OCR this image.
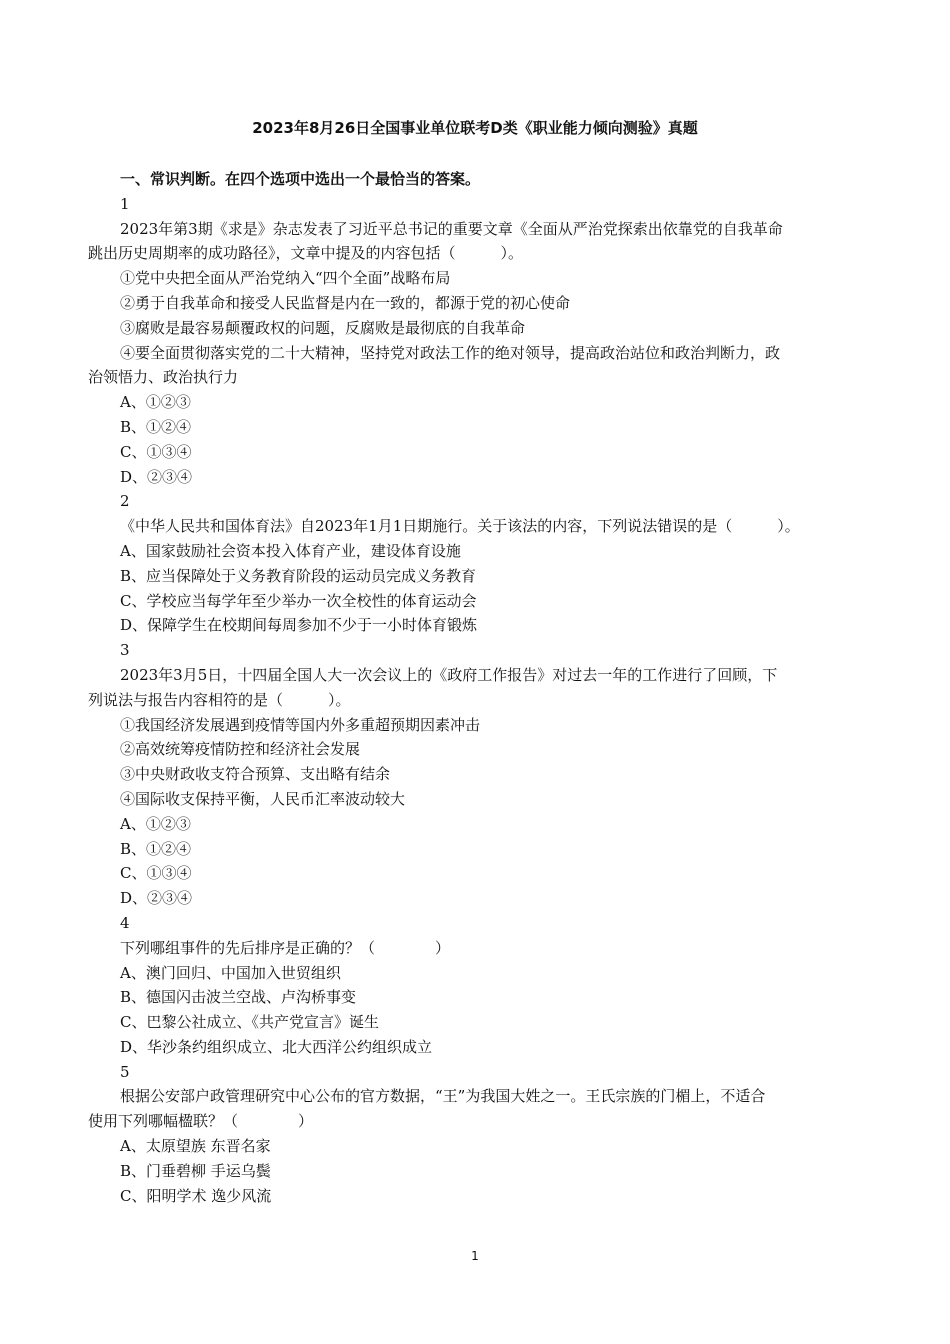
2023年8月26日全国事业单位联考D类《职业能力倾向测验》真题
一、常识判断。在四个选项中选出一个最恰当的答案。
1
2023年第3期《求是》杂志发表了习近平总书记的重要文章《全面从严治党探索出依靠党的自我革命
跳出历史周期率的成功路径》，文章中提及的内容包括（　　　）。
①党中央把全面从严治党纳入“四个全面”战略布局
②勇于自我革命和接受人民监督是内在一致的，都源于党的初心使命
③腐败是最容易颠覆政权的问题，反腐败是最彻底的自我革命
④要全面贯彻落实党的二十大精神，坚持党对政法工作的绝对领导，提高政治站位和政治判断力，政
治领悟力、政治执行力
A、①②③
B、①②④
C、①③④
D、②③④
2
《中华人民共和国体育法》自2023年1月1日期施行。关于该法的内容，下列说法错误的是（　　　）。
A、国家鼓励社会资本投入体育产业，建设体育设施
B、应当保障处于义务教育阶段的运动员完成义务教育
C、学校应当每学年至少举办一次全校性的体育运动会
D、保障学生在校期间每周参加不少于一小时体育锻炼
3
2023年3月5日，十四届全国人大一次会议上的《政府工作报告》对过去一年的工作进行了回顾，下
列说法与报告内容相符的是（　　　）。
①我国经济发展遇到疫情等国内外多重超预期因素冲击
②高效统筹疫情防控和经济社会发展
③中央财政收支符合预算、支出略有结余
④国际收支保持平衡，人民币汇率波动较大
A、①②③
B、①②④
C、①③④
D、②③④
4
下列哪组事件的先后排序是正确的？（　　　　）
A、澳门回归、中国加入世贸组织
B、德国闪击波兰空战、卢沟桥事变
C、巴黎公社成立、《共产党宣言》诞生
D、华沙条约组织成立、北大西洋公约组织成立
5
根据公安部户政管理研究中心公布的官方数据，“王”为我国大姓之一。王氏宗族的门楣上，不适合
使用下列哪幅楹联？（　　　　）
A、太原望族 东晋名家
B、门垂碧柳 手运乌鬓
C、阳明学术 逸少风流
1
